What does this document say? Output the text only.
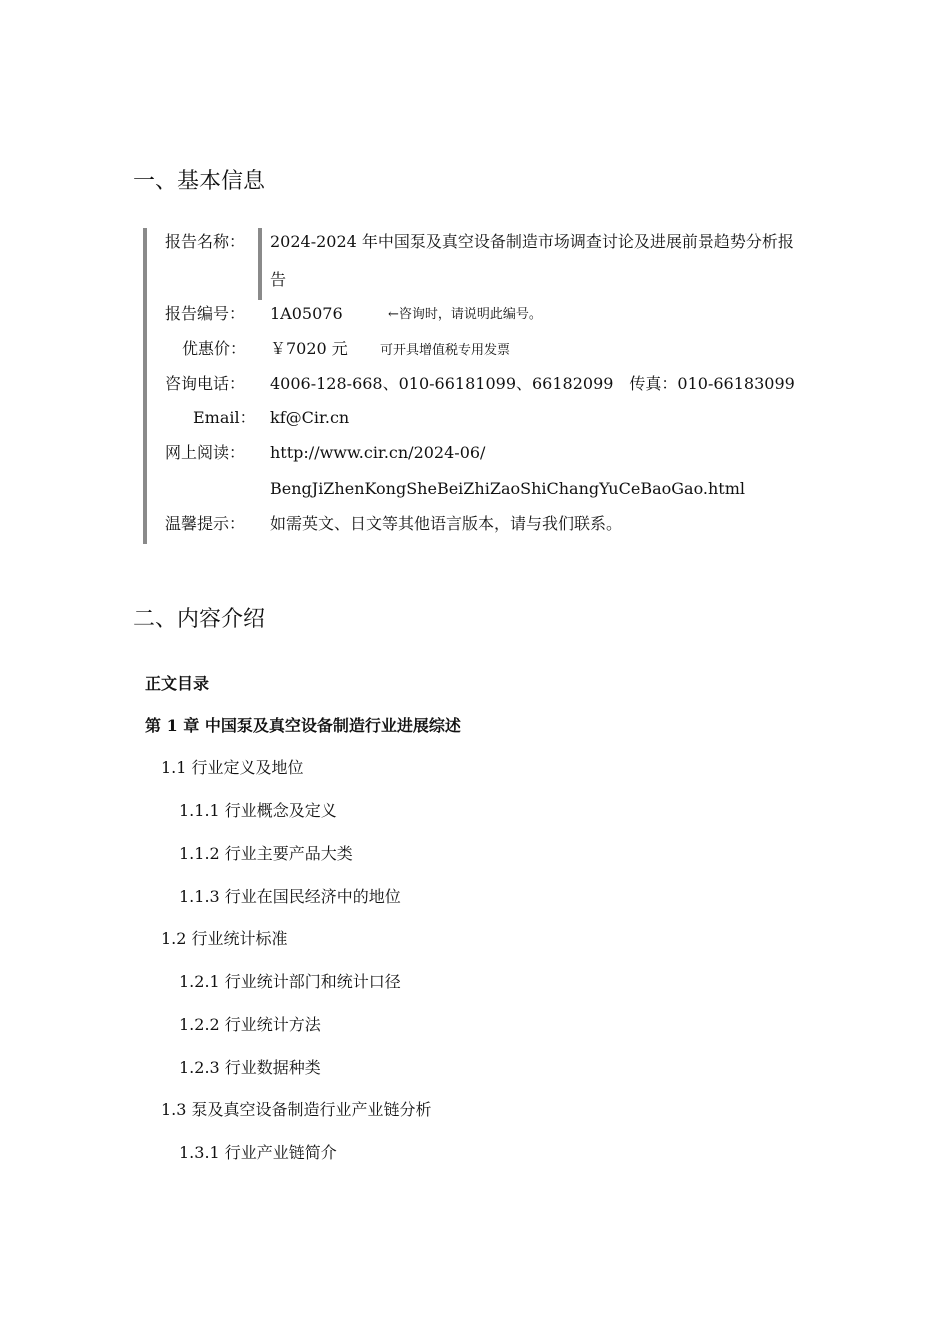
一、基本信息
报告名称： 2024-2024 年中国泵及真空设备制造市场调查讨论及进展前景趋势分析报
告
报告编号： 1A05076	←咨询时，请说明此编号。
优惠价： ￥7020 元 可开具增值税专用发票
咨询电话： 4006-128-668、010-66181099、66182099　传真：010-66183099
Email： kf@Cir.cn
网上阅读： http://www.cir.cn/2024-06/
BengJiZhenKongSheBeiZhiZaoShiChangYuCeBaoGao.html
温馨提示： 如需英文、日文等其他语言版本，请与我们联系。
二、内容介绍
正文目录
第 1 章 中国泵及真空设备制造行业进展综述
1.1 行业定义及地位
1.1.1 行业概念及定义
1.1.2 行业主要产品大类
1.1.3 行业在国民经济中的地位
1.2 行业统计标准
1.2.1 行业统计部门和统计口径
1.2.2 行业统计方法
1.2.3 行业数据种类
1.3 泵及真空设备制造行业产业链分析
1.3.1 行业产业链简介
